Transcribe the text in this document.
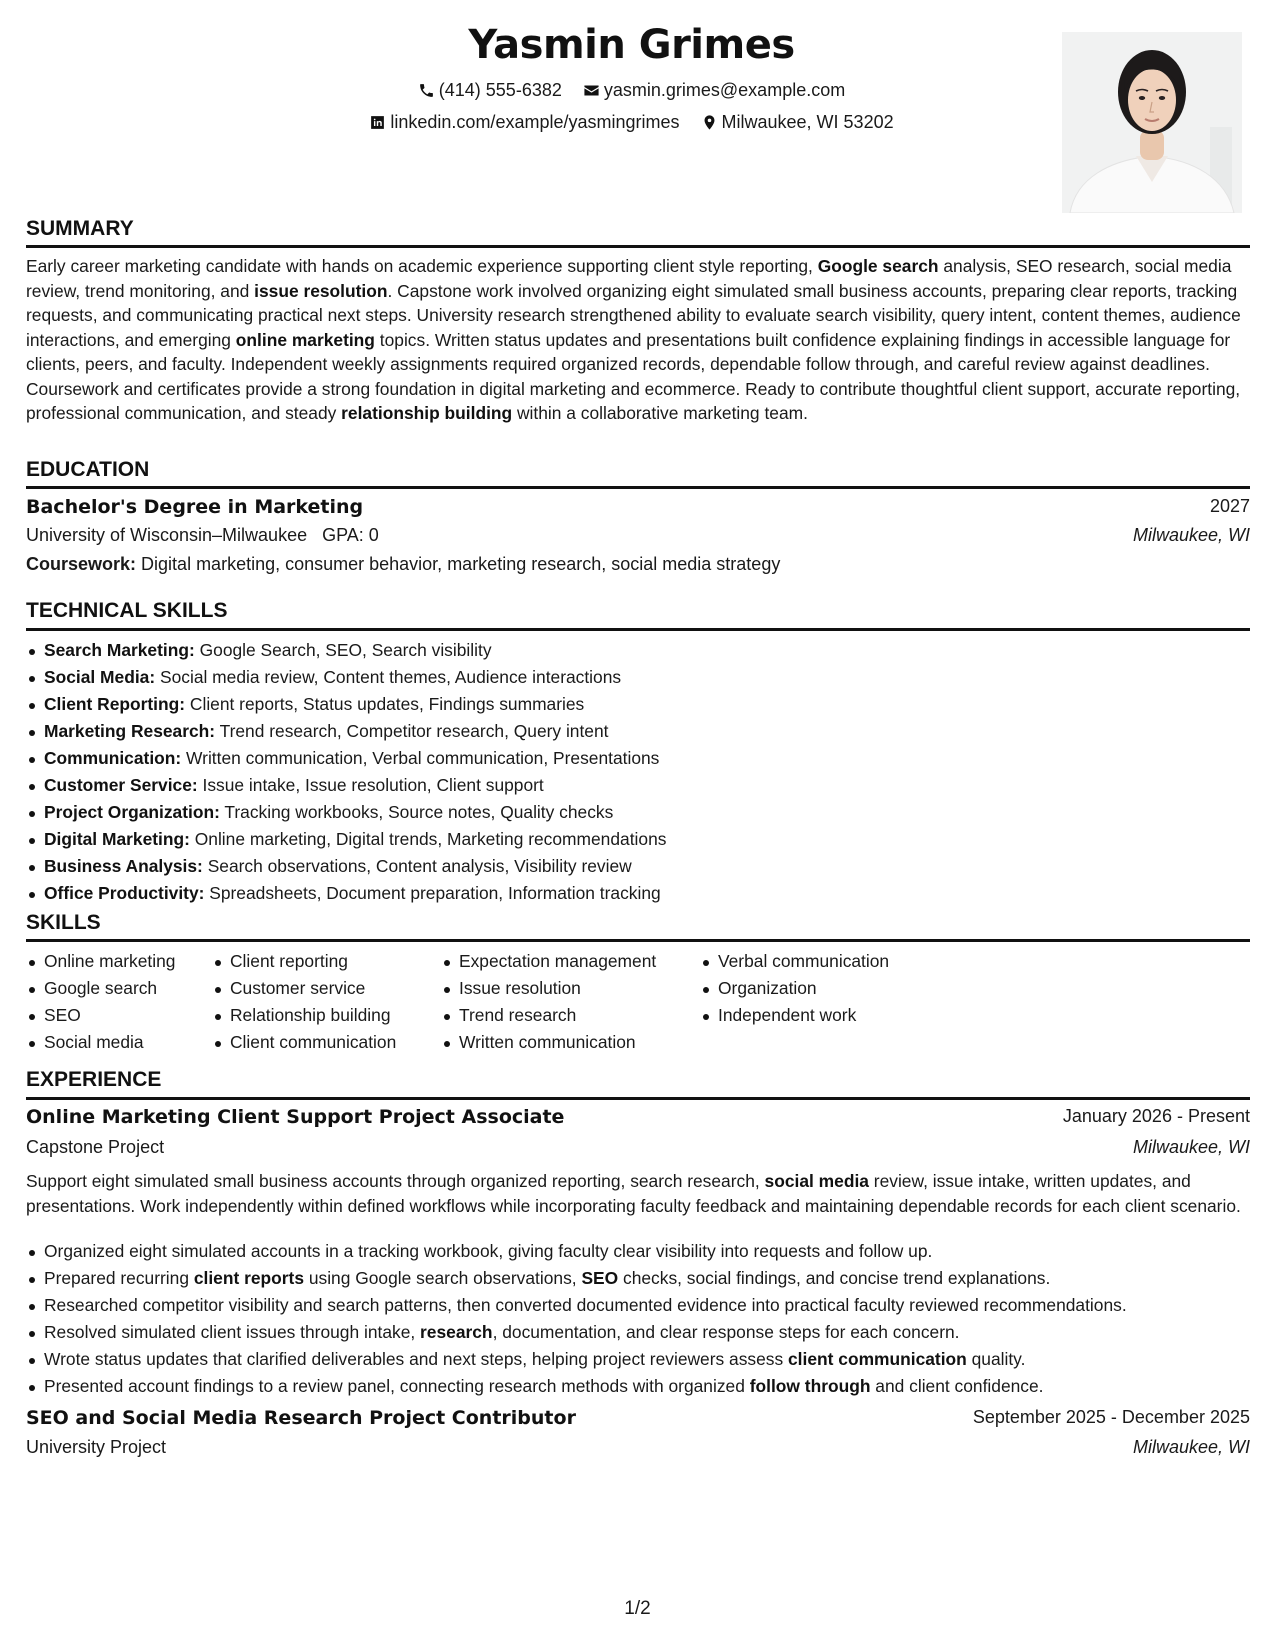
Yasmin Grimes
(414) 555-6382
yasmin.grimes@example.com
linkedin.com/example/yasmingrimes
Milwaukee, WI 53202
SUMMARY
Early career marketing candidate with hands on academic experience supporting client style reporting, Google search analysis, SEO research, social media review, trend monitoring, and issue resolution. Capstone work involved organizing eight simulated small business accounts, preparing clear reports, tracking requests, and communicating practical next steps. University research strengthened ability to evaluate search visibility, query intent, content themes, audience interactions, and emerging online marketing topics. Written status updates and presentations built confidence explaining findings in accessible language for clients, peers, and faculty. Independent weekly assignments required organized records, dependable follow through, and careful review against deadlines. Coursework and certificates provide a strong foundation in digital marketing and ecommerce. Ready to contribute thoughtful client support, accurate reporting, professional communication, and steady relationship building within a collaborative marketing team.
EDUCATION
Bachelor's Degree in Marketing	2027
University of Wisconsin–Milwaukee GPA: 0	Milwaukee, WI
Coursework: Digital marketing, consumer behavior, marketing research, social media strategy
TECHNICAL SKILLS
Search Marketing: Google Search, SEO, Search visibility
Social Media: Social media review, Content themes, Audience interactions
Client Reporting: Client reports, Status updates, Findings summaries
Marketing Research: Trend research, Competitor research, Query intent
Communication: Written communication, Verbal communication, Presentations
Customer Service: Issue intake, Issue resolution, Client support
Project Organization: Tracking workbooks, Source notes, Quality checks
Digital Marketing: Online marketing, Digital trends, Marketing recommendations
Business Analysis: Search observations, Content analysis, Visibility review
Office Productivity: Spreadsheets, Document preparation, Information tracking
SKILLS
Online marketing
Google search
SEO
Social media
Client reporting
Customer service
Relationship building
Client communication
Expectation management
Issue resolution
Trend research
Written communication
Verbal communication
Organization
Independent work
EXPERIENCE
Online Marketing Client Support Project Associate	January 2026 - Present
Capstone Project	Milwaukee, WI
Support eight simulated small business accounts through organized reporting, search research, social media review, issue intake, written updates, and presentations. Work independently within defined workflows while incorporating faculty feedback and maintaining dependable records for each client scenario.
Organized eight simulated accounts in a tracking workbook, giving faculty clear visibility into requests and follow up.
Prepared recurring client reports using Google search observations, SEO checks, social findings, and concise trend explanations.
Researched competitor visibility and search patterns, then converted documented evidence into practical faculty reviewed recommendations.
Resolved simulated client issues through intake, research, documentation, and clear response steps for each concern.
Wrote status updates that clarified deliverables and next steps, helping project reviewers assess client communication quality.
Presented account findings to a review panel, connecting research methods with organized follow through and client confidence.
SEO and Social Media Research Project Contributor	September 2025 - December 2025
University Project	Milwaukee, WI
1/2
